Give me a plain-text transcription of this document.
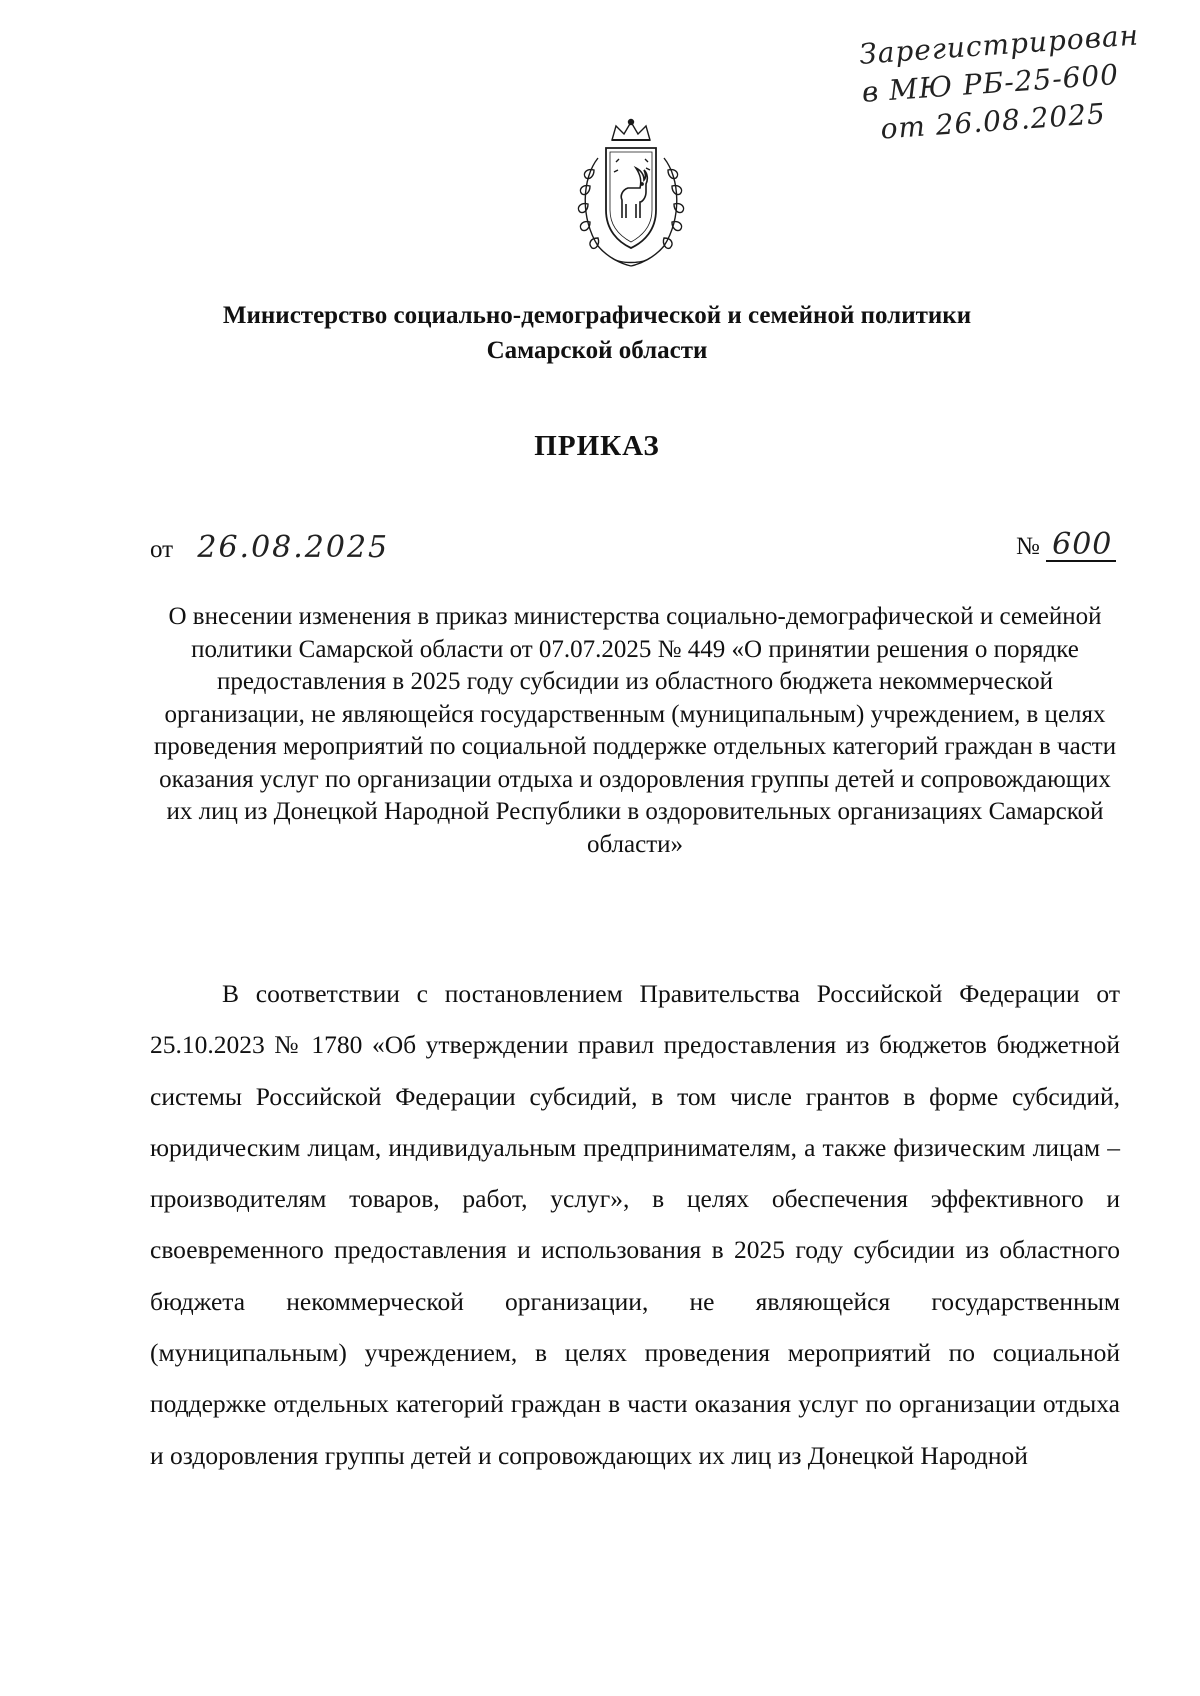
Зарегистрирован
в МЮ РБ-25-600
от 26.08.2025
Министерство социально-демографической и семейной политики
Самарской области
ПРИКАЗ
от 26.08.2025	№ 600
О внесении изменения в приказ министерства социально-демографической и семейной политики Самарской области от 07.07.2025 № 449 «О принятии решения о порядке предоставления в 2025 году субсидии из областного бюджета некоммерческой организации, не являющейся государственным (муниципальным) учреждением, в целях проведения мероприятий по социальной поддержке отдельных категорий граждан в части оказания услуг по организации отдыха и оздоровления группы детей и сопровождающих их лиц из Донецкой Народной Республики в оздоровительных организациях Самарской области»
В соответствии с постановлением Правительства Российской Федерации от 25.10.2023 № 1780 «Об утверждении правил предоставления из бюджетов бюджетной системы Российской Федерации субсидий, в том числе грантов в форме субсидий, юридическим лицам, индивидуальным предпринимателям, а также физическим лицам – производителям товаров, работ, услуг», в целях обеспечения эффективного и своевременного предоставления и использования в 2025 году субсидии из областного бюджета некоммерческой организации, не являющейся государственным (муниципальным) учреждением, в целях проведения мероприятий по социальной поддержке отдельных категорий граждан в части оказания услуг по организации отдыха и оздоровления группы детей и сопровождающих их лиц из Донецкой Народной
